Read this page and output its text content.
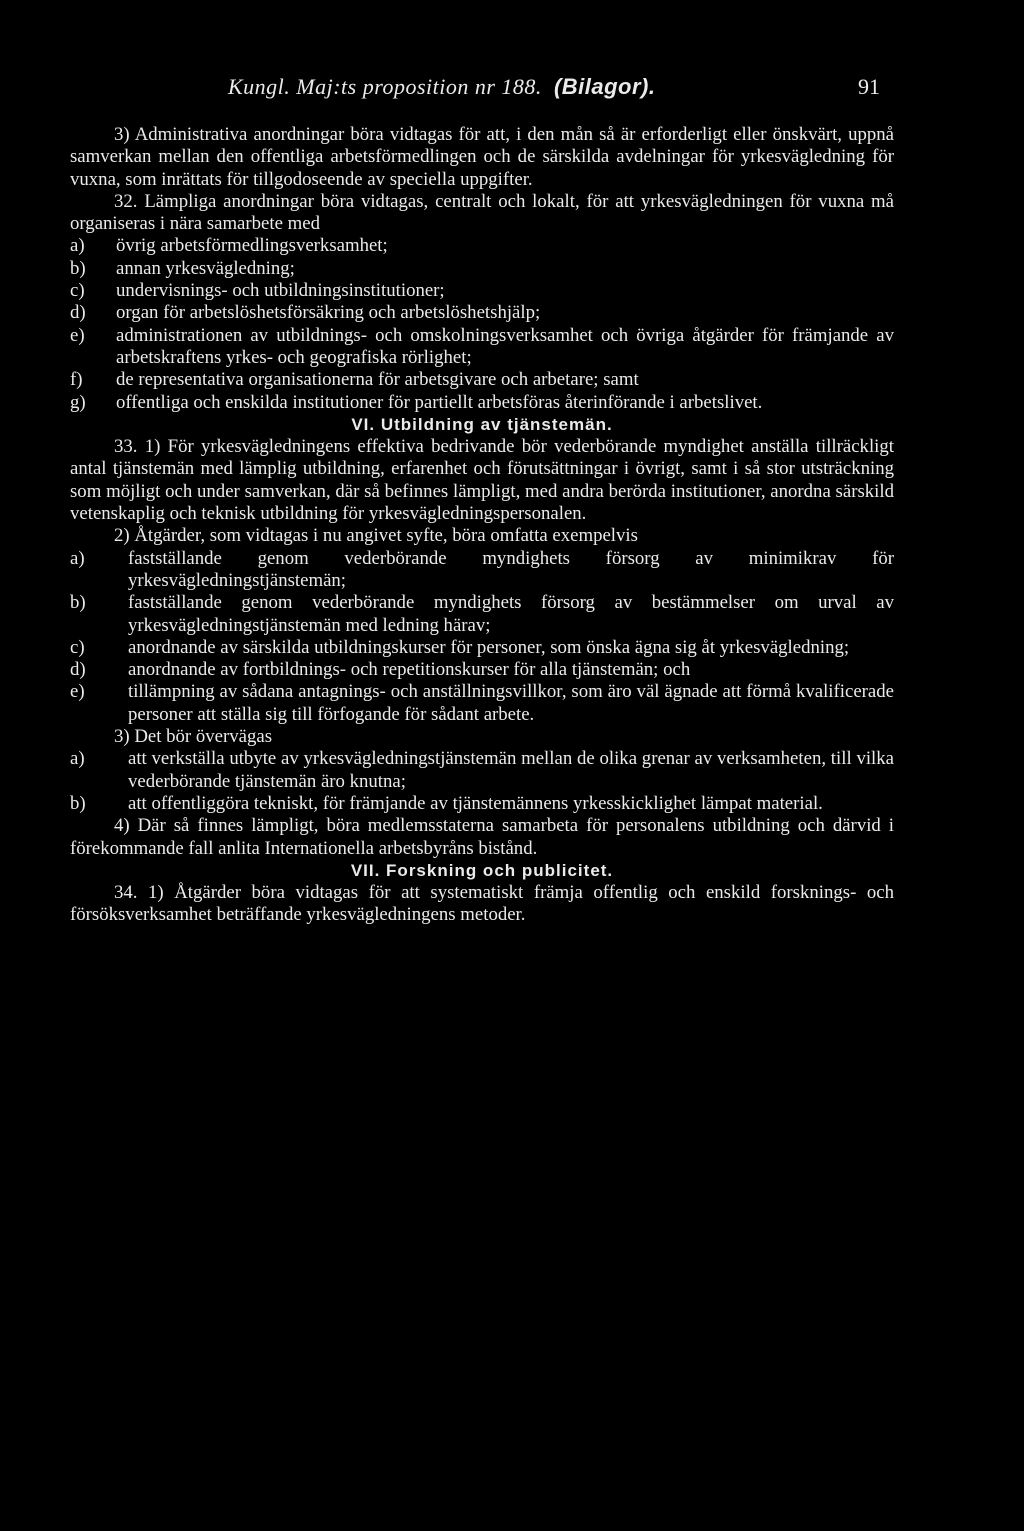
Kungl. Maj:ts proposition nr 188. (Bilagor).	91

3) Administrativa anordningar böra vidtagas för att, i den mån så är erforderligt eller önskvärt, uppnå samverkan mellan den offentliga arbetsförmedlingen och de särskilda avdelningar för yrkesvägledning för vuxna, som inrättats för tillgodoseende av speciella uppgifter.

32. Lämpliga anordningar böra vidtagas, centralt och lokalt, för att yrkesvägledningen för vuxna må organiseras i nära samarbete med

a)	övrig arbetsförmedlingsverksamhet;
b)	annan yrkesvägledning;
c)	undervisnings- och utbildningsinstitutioner;
d)	organ för arbetslöshetsförsäkring och arbetslöshetshjälp;
e)	administrationen av utbildnings- och omskolningsverksamhet och övriga åtgärder för främjande av arbetskraftens yrkes- och geografiska rörlighet;
f)	de representativa organisationerna för arbetsgivare och arbetare; samt
g)	offentliga och enskilda institutioner för partiellt arbetsföras återinförande i arbetslivet.

VI. Utbildning av tjänstemän.

33. 1) För yrkesvägledningens effektiva bedrivande bör vederbörande myndighet anställa tillräckligt antal tjänstemän med lämplig utbildning, erfarenhet och förutsättningar i övrigt, samt i så stor utsträckning som möjligt och under samverkan, där så befinnes lämpligt, med andra berörda institutioner, anordna särskild vetenskaplig och teknisk utbildning för yrkesvägledningspersonalen.

2) Åtgärder, som vidtagas i nu angivet syfte, böra omfatta exempelvis

a)	fastställande genom vederbörande myndighets försorg av minimikrav för yrkesvägledningstjänstemän;
b)	fastställande genom vederbörande myndighets försorg av bestämmelser om urval av yrkesvägledningstjänstemän med ledning härav;
c)	anordnande av särskilda utbildningskurser för personer, som önska ägna sig åt yrkesvägledning;
d)	anordnande av fortbildnings- och repetitionskurser för alla tjänstemän; och
e)	tillämpning av sådana antagnings- och anställningsvillkor, som äro väl ägnade att förmå kvalificerade personer att ställa sig till förfogande för sådant arbete.

3) Det bör övervägas

a)	att verkställa utbyte av yrkesvägledningstjänstemän mellan de olika grenar av verksamheten, till vilka vederbörande tjänstemän äro knutna;
b)	att offentliggöra tekniskt, för främjande av tjänstemännens yrkesskicklighet lämpat material.

4) Där så finnes lämpligt, böra medlemsstaterna samarbeta för personalens utbildning och därvid i förekommande fall anlita Internationella arbetsbyråns bistånd.

VII. Forskning och publicitet.

34. 1) Åtgärder böra vidtagas för att systematiskt främja offentlig och enskild forsknings- och försöksverksamhet beträffande yrkesvägledningens metoder.
